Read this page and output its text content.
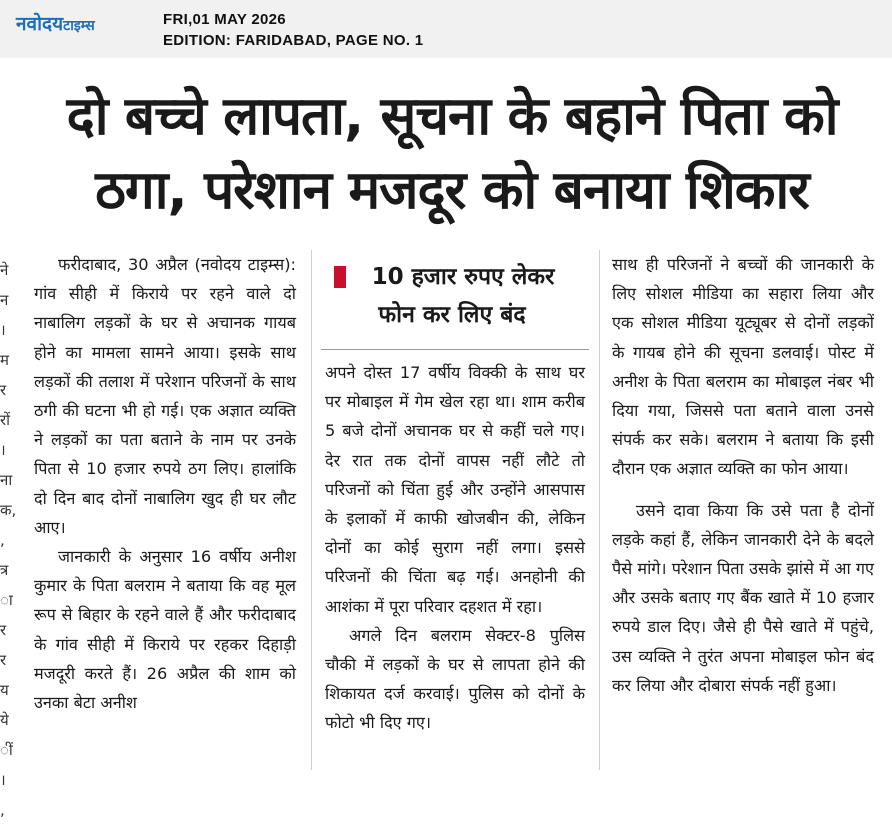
नवोदयटाइम्स	FRI,01 MAY 2026
EDITION: FARIDABAD, PAGE NO. 1
दो बच्चे लापता, सूचना के बहाने पिता को
ठगा, परेशान मजदूर को बनाया शिकार
ने
न
।
म
र
रों
।
ना
क,
,
त्र
ा
र
र
य
ये
ीं
।
,

फरीदाबाद, 30 अप्रैल (नवोदय टाइम्स): गांव सीही में किराये पर रहने वाले दो नाबालिग लड़कों के घर से अचानक गायब होने का मामला सामने आया। इसके साथ लड़कों की तलाश में परेशान परिजनों के साथ ठगी की घटना भी हो गई। एक अज्ञात व्यक्ति ने लड़कों का पता बताने के नाम पर उनके पिता से 10 हजार रुपये ठग लिए। हालांकि दो दिन बाद दोनों नाबालिग खुद ही घर लौट आए।

जानकारी के अनुसार 16 वर्षीय अनीश कुमार के पिता बलराम ने बताया कि वह मूल रूप से बिहार के रहने वाले हैं और फरीदाबाद के गांव सीही में किराये पर रहकर दिहाड़ी मजदूरी करते हैं। 26 अप्रैल की शाम को उनका बेटा अनीश

10 हजार रुपए लेकर
फोन कर लिए बंद

अपने दोस्त 17 वर्षीय विक्की के साथ घर पर मोबाइल में गेम खेल रहा था। शाम करीब 5 बजे दोनों अचानक घर से कहीं चले गए। देर रात तक दोनों वापस नहीं लौटे तो परिजनों को चिंता हुई और उन्होंने आसपास के इलाकों में काफी खोजबीन की, लेकिन दोनों का कोई सुराग नहीं लगा। इससे परिजनों की चिंता बढ़ गई। अनहोनी की आशंका में पूरा परिवार दहशत में रहा।

अगले दिन बलराम सेक्टर-8 पुलिस चौकी में लड़कों के घर से लापता होने की शिकायत दर्ज करवाई। पुलिस को दोनों के फोटो भी दिए गए।

साथ ही परिजनों ने बच्चों की जानकारी के लिए सोशल मीडिया का सहारा लिया और एक सोशल मीडिया यूट्यूबर से दोनों लड़कों के गायब होने की सूचना डलवाई। पोस्ट में अनीश के पिता बलराम का मोबाइल नंबर भी दिया गया, जिससे पता बताने वाला उनसे संपर्क कर सके। बलराम ने बताया कि इसी दौरान एक अज्ञात व्यक्ति का फोन आया।

उसने दावा किया कि उसे पता है दोनों लड़के कहां हैं, लेकिन जानकारी देने के बदले पैसे मांगे। परेशान पिता उसके झांसे में आ गए और उसके बताए गए बैंक खाते में 10 हजार रुपये डाल दिए। जैसे ही पैसे खाते में पहुंचे, उस व्यक्ति ने तुरंत अपना मोबाइल फोन बंद कर लिया और दोबारा संपर्क नहीं हुआ।
